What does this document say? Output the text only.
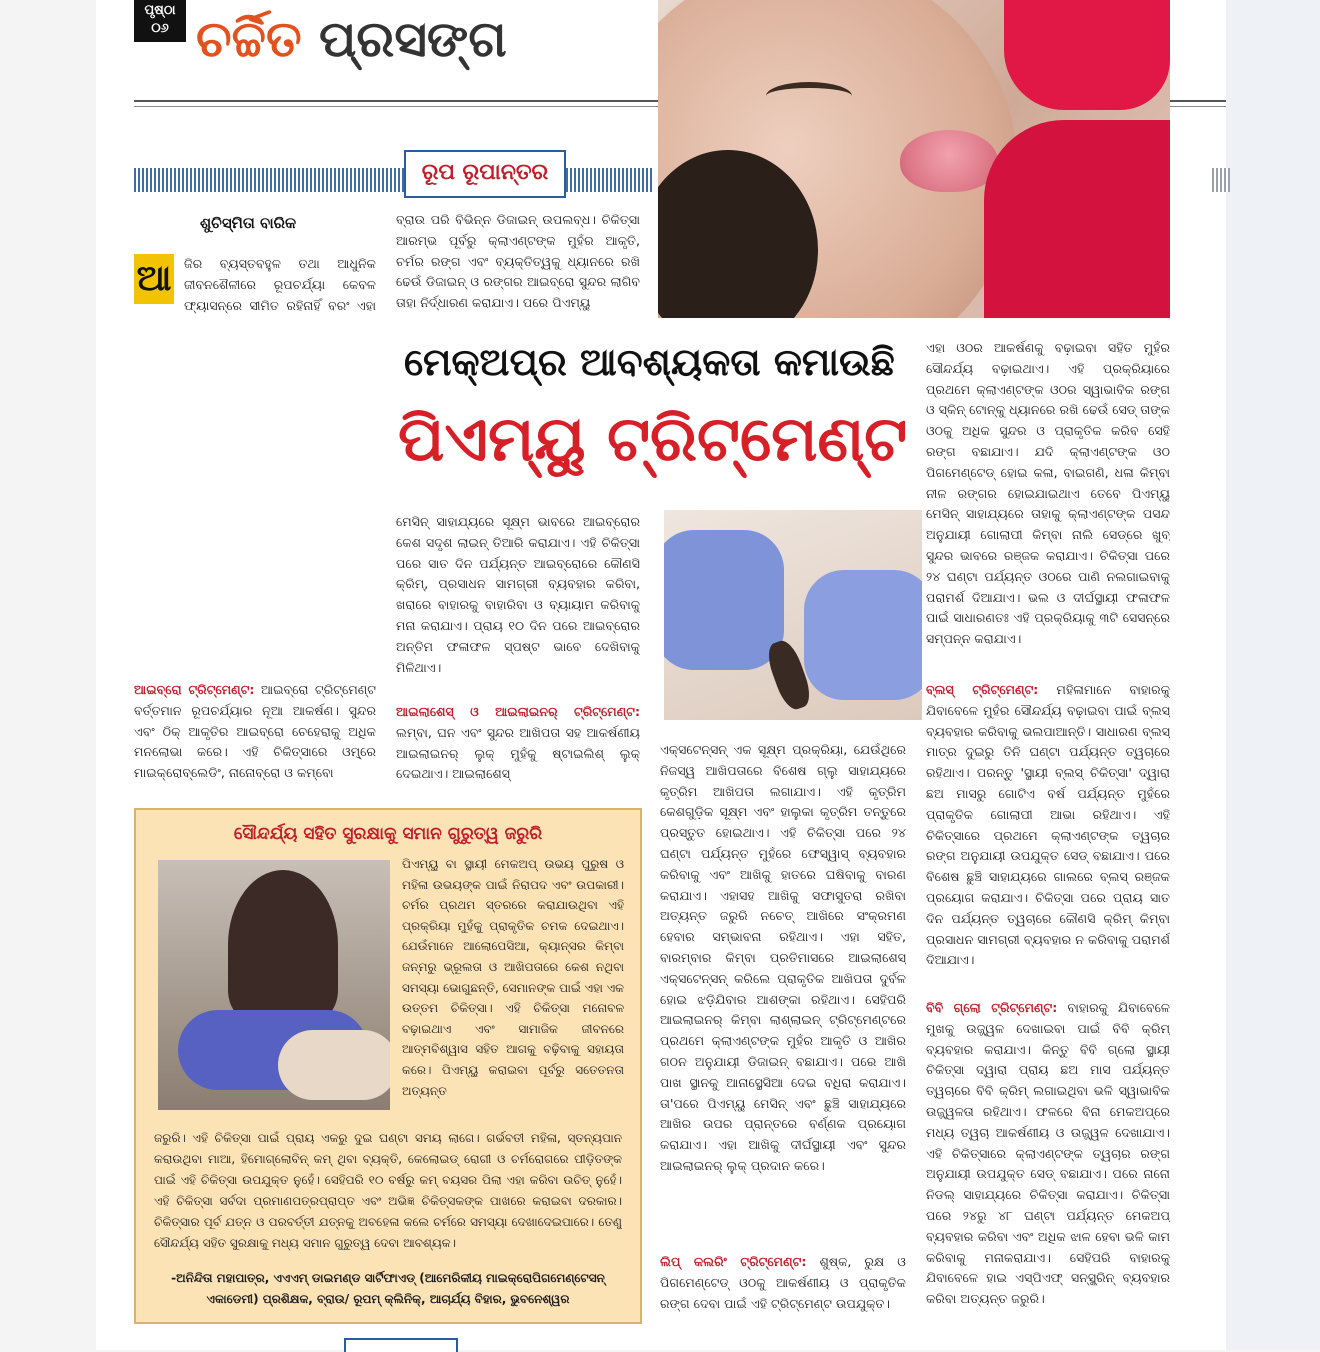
ପୃଷ୍ଠା
୦୬ ଚର୍ଚ୍ଚିତ ପ୍ରସଙ୍ଗ
ରୂପ ରୂପାନ୍ତର
ଶୁଚିସ୍ମିତା ବାରିକ
ଆ ଜିର ବ୍ୟସ୍ତବହୁଳ ତଥା ଆଧୁନିକ ଜୀବନଶୈଳୀରେ ରୂପଚର୍ଯ୍ୟା କେବଳ ଫ୍ୟାସନ୍‌ରେ ସୀମିତ ରହିନାହିଁ ବରଂ ଏହା

ଆଇବ୍ରୋ ଟ୍ରିଟ୍‌ମେଣ୍ଟ: ଆଇବ୍ରୋ ଟ୍ରିଟ୍‌ମେଣ୍ଟ ବର୍ତ୍ତମାନ ରୂପଚର୍ଯ୍ୟାର ନୂଆ ଆକର୍ଷଣ। ସୁନ୍ଦର ଏବଂ ଠିକ୍ ଆକୃତିର ଆଇବ୍ରୋ ଚେହେରାକୁ ଅଧିକ ମନଲୋଭା କରେ। ଏହି ଚିକିତ୍ସାରେ ଓମ୍ବ୍ରେ ମାଇକ୍ରୋବ୍ଲେଡିଂ, ନାନୋବ୍ରୋ ଓ କମ୍ବୋ

ବ୍ରାଉ ପରି ବିଭିନ୍ନ ଡିଜାଇନ୍ ଉପଲବ୍ଧ। ଚିକିତ୍ସା ଆରମ୍ଭ ପୂର୍ବରୁ କ୍ଲାଏଣ୍ଟଙ୍କ ମୁହଁର ଆକୃତି, ଚର୍ମର ରଙ୍ଗ ଏବଂ ବ୍ୟକ୍ତିତ୍ୱକୁ ଧ୍ୟାନରେ ରଖି ଢେଉଁ ଡିଜାଇନ୍ ଓ ରଙ୍ଗର ଆଇବ୍ରୋ ସୁନ୍ଦର ଲାଗିବ ତାହା ନିର୍ଦ୍ଧାରଣ କରାଯାଏ। ପରେ ପିଏମ୍‌ୟୁ

ମେକ୍‌ଅପ୍‌ର ଆବଶ୍ୟକତା କମାଉଛି
ପିଏମ୍‌ୟୁ ଟ୍ରିଟ୍‌ମେଣ୍ଟ

ମେସିନ୍ ସାହାଯ୍ୟରେ ସୂକ୍ଷ୍ମ ଭାବରେ ଆଇବ୍ରୋର କେଶ ସଦୃଶ ଲାଇନ୍ ତିଆରି କରାଯାଏ। ଏହି ଚିକିତ୍ସା ପରେ ସାତ ଦିନ ପର୍ଯ୍ୟନ୍ତ ଆଇବ୍ରୋରେ କୌଣସି କ୍ରିମ୍, ପ୍ରସାଧନ ସାମଗ୍ରୀ ବ୍ୟବହାର କରିବା, ଖରାରେ ବାହାରକୁ ବାହାରିବା ଓ ବ୍ୟାୟାମ କରିବାକୁ ମନା କରାଯାଏ। ପ୍ରାୟ ୧୦ ଦିନ ପରେ ଆଇବ୍ରୋର ଅନ୍ତିମ ଫଳାଫଳ ସ୍ପଷ୍ଟ ଭାବେ ଦେଖିବାକୁ ମିଳିଥାଏ।

ଆଇଲାଶେସ୍ ଓ ଆଇଲାଇନର୍ ଟ୍ରିଟ୍‌ମେଣ୍ଟ: ଲମ୍ବା, ଘନ ଏବଂ ସୁନ୍ଦର ଆଖିପତା ସହ ଆକର୍ଷଣୀୟ ଆଇଲାଇନର୍ ଲୁକ୍ ମୁହଁକୁ ଷ୍ଟାଇଲିଶ୍ ଲୁକ୍ ଦେଇଥାଏ। ଆଇଲାଶେସ୍

ଏକ୍ସଟେନ୍‌ସନ୍ ଏକ ସୂକ୍ଷ୍ମ ପ୍ରକ୍ରିୟା, ଯେଉଁଥିରେ ନିଜସ୍ୱ ଆଖିପତାରେ ବିଶେଷ ଗ୍ଲୁ ସାହାଯ୍ୟରେ କୃତ୍ରିମ ଆଖିପତା ଲଗାଯାଏ। ଏହି କୃତ୍ରିମ କେଶଗୁଡ଼ିକ ସୂକ୍ଷ୍ମ ଏବଂ ହାଲୁକା କୃତ୍ରିମ ତନ୍ତୁରେ ପ୍ରସ୍ତୁତ ହୋଇଥାଏ। ଏହି ଚିକିତ୍ସା ପରେ ୨୪ ଘଣ୍ଟା ପର୍ଯ୍ୟନ୍ତ ମୁହଁରେ ଫେସ୍‌ୱାସ୍ ବ୍ୟବହାର କରିବାକୁ ଏବଂ ଆଖିକୁ ହାତରେ ଘଷିବାକୁ ବାରଣ କରାଯାଏ। ଏହାସହ ଆଖିକୁ ସଫାସୁତରା ରଖିବା ଅତ୍ୟନ୍ତ ଜରୁରି ନଚେତ୍ ଆଖିରେ ସଂକ୍ରମଣ ହେବାର ସମ୍ଭାବନା ରହିଥାଏ। ଏହା ସହିତ, ବାରମ୍ବାର କିମ୍ବା ପ୍ରତିମାସରେ ଆଇଲାଶେସ୍ ଏକ୍ସଟେନ୍‌ସନ୍ କରିଲେ ପ୍ରାକୃତିକ ଆଖିପତା ଦୁର୍ବଳ ହୋଇ ଝଡ଼ିଯିବାର ଆଶଙ୍କା ରହିଥାଏ। ସେହିପରି ଆଇଲାଇନର୍ କିମ୍ବା ଲାଶ୍‌ଲାଇନ୍ ଟ୍ରିଟ୍‌ମେଣ୍ଟରେ ପ୍ରଥମେ କ୍ଲାଏଣ୍ଟଙ୍କ ମୁହଁର ଆକୃତି ଓ ଆଖିର ଗଠନ ଅନୁଯାୟୀ ଡିଜାଇନ୍ ବଛାଯାଏ। ପରେ ଆଖି ପାଖ ସ୍ଥାନକୁ ଆନାସ୍ଥେସିଆ ଦେଇ ବଧିରା କରାଯାଏ। ତା'ପରେ ପିଏମ୍‌ୟୁ ମେସିନ୍ ଏବଂ ଛୁଞ୍ଚି ସାହାଯ୍ୟରେ ଆଖିର ଉପର ପ୍ରାନ୍ତରେ ବର୍ଣ୍ଣକ ପ୍ରୟୋଗ କରାଯାଏ। ଏହା ଆଖିକୁ ଦୀର୍ଘସ୍ଥାୟୀ ଏବଂ ସୁନ୍ଦର ଆଇଲାଇନର୍ ଲୁକ୍ ପ୍ରଦାନ କରେ।

ଲିପ୍ କଲରିଂ ଟ୍ରିଟ୍‌ମେଣ୍ଟ: ଶୁଷ୍କ, ରୁକ୍ଷ ଓ ପିଗମେଣ୍ଟେଡ୍ ଓଠକୁ ଆକର୍ଷଣୀୟ ଓ ପ୍ରାକୃତିକ ରଙ୍ଗ ଦେବା ପାଇଁ ଏହି ଟ୍ରିଟ୍‌ମେଣ୍ଟ ଉପଯୁକ୍ତ।

ଏହା ଓଠର ଆକର୍ଷଣକୁ ବଢ଼ାଇବା ସହିତ ମୁହଁର ସୌନ୍ଦର୍ଯ୍ୟ ବଢ଼ାଇଥାଏ। ଏହି ପ୍ରକ୍ରିୟାରେ ପ୍ରଥମେ କ୍ଲାଏଣ୍ଟଙ୍କ ଓଠର ସ୍ୱାଭାବିକ ରଙ୍ଗ ଓ ସ୍କିନ୍ ଟୋନ୍‌କୁ ଧ୍ୟାନରେ ରଖି ଢେଉଁ ସେଡ୍ ତାଙ୍କ ଓଠକୁ ଅଧିକ ସୁନ୍ଦର ଓ ପ୍ରାକୃତିକ କରିବ ସେହି ରଙ୍ଗ ବଛାଯାଏ। ଯଦି କ୍ଲାଏଣ୍ଟଙ୍କ ଓଠ ପିଗମେଣ୍ଟେଡ୍ ହୋଇ କଳା, ବାଇଗଣି, ଧଳା କିମ୍ବା ନୀଳ ରଙ୍ଗର ହୋଇଯାଇଥାଏ ତେବେ ପିଏମ୍‌ୟୁ ମେସିନ୍ ସାହାଯ୍ୟରେ ତାହାକୁ କ୍ଲାଏଣ୍ଟଙ୍କ ପସନ୍ଦ ଅନୁଯାୟୀ ଗୋଲାପୀ କିମ୍ବା ନାଲି ସେଡ୍‌ରେ ଖୁବ୍ ସୁନ୍ଦର ଭାବରେ ରଞ୍ଜକ କରାଯାଏ। ଚିକିତ୍ସା ପରେ ୨୪ ଘଣ୍ଟା ପର୍ଯ୍ୟନ୍ତ ଓଠରେ ପାଣି ନଲଗାଇବାକୁ ପରାମର୍ଶ ଦିଆଯାଏ। ଭଲ ଓ ଦୀର୍ଘସ୍ଥାୟୀ ଫଳାଫଳ ପାଇଁ ସାଧାରଣତଃ ଏହି ପ୍ରକ୍ରିୟାକୁ ୩ଟି ସେସନ୍‌ରେ ସମ୍ପନ୍ନ କରାଯାଏ।

ବ୍ଲସ୍ ଟ୍ରିଟ୍‌ମେଣ୍ଟ: ମହିଳାମାନେ ବାହାରକୁ ଯିବାବେଳେ ମୁହଁର ସୌନ୍ଦର୍ଯ୍ୟ ବଢ଼ାଇବା ପାଇଁ ବ୍ଲସ୍ ବ୍ୟବହାର କରିବାକୁ ଭଲପାଆନ୍ତି। ସାଧାରଣ ବ୍ଲସ୍ ମାତ୍ର ଦୁଇରୁ ତିନି ଘଣ୍ଟା ପର୍ଯ୍ୟନ୍ତ ତ୍ୱଚାରେ ରହିଥାଏ। ପରନ୍ତୁ 'ସ୍ଥାୟୀ ବ୍ଲସ୍ ଚିକିତ୍ସା' ଦ୍ୱାରା ଛଅ ମାସରୁ ଗୋଟିଏ ବର୍ଷ ପର୍ଯ୍ୟନ୍ତ ମୁହଁରେ ପ୍ରାକୃତିକ ଗୋଲାପୀ ଆଭା ରହିଥାଏ। ଏହି ଚିକିତ୍ସାରେ ପ୍ରଥମେ କ୍ଲାଏଣ୍ଟଙ୍କ ତ୍ୱଚାର ରଙ୍ଗ ଅନୁଯାୟୀ ଉପଯୁକ୍ତ ସେଡ୍ ବଛାଯାଏ। ପରେ ବିଶେଷ ଛୁଞ୍ଚି ସାହାଯ୍ୟରେ ଗାଲରେ ବ୍ଲସ୍ ରଞ୍ଜକ ପ୍ରୟୋଗ କରାଯାଏ। ଚିକିତ୍ସା ପରେ ପ୍ରାୟ ସାତ ଦିନ ପର୍ଯ୍ୟନ୍ତ ତ୍ୱଚାରେ କୌଣସି କ୍ରିମ୍ କିମ୍ବା ପ୍ରସାଧନ ସାମଗ୍ରୀ ବ୍ୟବହାର ନ କରିବାକୁ ପରାମର୍ଶ ଦିଆଯାଏ।

ବିବି ଗ୍ଲୋ ଟ୍ରିଟ୍‌ମେଣ୍ଟ: ବାହାରକୁ ଯିବାବେଳେ ମୁଖକୁ ଉଜ୍ଜ୍ୱଳ ଦେଖାଇବା ପାଇଁ ବିବି କ୍ରିମ୍ ବ୍ୟବହାର କରାଯାଏ। କିନ୍ତୁ ବିବି ଗ୍ଲୋ ସ୍ଥାୟୀ ଚିକିତ୍ସା ଦ୍ୱାରା ପ୍ରାୟ ଛଅ ମାସ ପର୍ଯ୍ୟନ୍ତ ତ୍ୱଚାରେ ବିବି କ୍ରିମ୍ ଲଗାଇଥିବା ଭଳି ସ୍ୱାଭାବିକ ଉଜ୍ଜ୍ୱଳତା ରହିଥାଏ। ଫଳରେ ବିନା ମେକଅପ୍‌ରେ ମଧ୍ୟ ତ୍ୱଚା ଆକର୍ଷଣୀୟ ଓ ଉଜ୍ଜ୍ୱଳ ଦେଖାଯାଏ। ଏହି ଚିକିତ୍ସାରେ କ୍ଲାଏଣ୍ଟଙ୍କ ତ୍ୱଚାର ରଙ୍ଗ ଅନୁଯାୟୀ ଉପଯୁକ୍ତ ସେଡ୍ ବଛାଯାଏ। ପରେ ନାନୋ ନିଡଲ୍ ସାହାଯ୍ୟରେ ଚିକିତ୍ସା କରାଯାଏ। ଚିକିତ୍ସା ପରେ ୨୪ରୁ ୪୮ ଘଣ୍ଟା ପର୍ଯ୍ୟନ୍ତ ମେକଅପ୍ ବ୍ୟବହାର କରିବା ଏବଂ ଅଧିକ ଝାଳ ହେବା ଭଳି କାମ କରିବାକୁ ମନାକରାଯାଏ। ସେହିପରି ବାହାରକୁ ଯିବାବେଳେ ହାଇ ଏସ୍‌ପିଏଫ୍ ସନ୍‌ସ୍କ୍ରିନ୍ ବ୍ୟବହାର କରିବା ଅତ୍ୟନ୍ତ ଜରୁରି।

ସୌନ୍ଦର୍ଯ୍ୟ ସହିତ ସୁରକ୍ଷାକୁ ସମାନ ଗୁରୁତ୍ୱ ଜରୁରି

ପିଏମ୍‌ୟୁ ବା ସ୍ଥାୟୀ ମେକଅପ୍ ଉଭୟ ପୁରୁଷ ଓ ମହିଳା ଉଭୟଙ୍କ ପାଇଁ ନିରାପଦ ଏବଂ ଉପକାରୀ। ଚର୍ମର ପ୍ରଥମ ସ୍ତରରେ କରାଯାଉଥିବା ଏହି ପ୍ରକ୍ରିୟା ମୁହଁକୁ ପ୍ରାକୃତିକ ଚମକ ଦେଇଥାଏ। ଯେଉଁମାନେ ଆଲୋପେସିଆ, କ୍ୟାନ୍‌ସର କିମ୍ବା ଜନ୍ମରୁ ଭ୍ରୂଲତା ଓ ଆଖିପତାରେ କେଶ ନଥିବା ସମସ୍ୟା ଭୋଗୁଛନ୍ତି, ସେମାନଙ୍କ ପାଇଁ ଏହା ଏକ ଉତ୍ତମ ଚିକିତ୍ସା। ଏହି ଚିକିତ୍ସା ମନୋବଳ ବଢ଼ାଇଥାଏ ଏବଂ ସାମାଜିକ ଜୀବନରେ ଆତ୍ମବିଶ୍ୱାସ ସହିତ ଆଗକୁ ବଢ଼ିବାକୁ ସହାୟତା କରେ। ପିଏମ୍‌ୟୁ କରାଇବା ପୂର୍ବରୁ ସତେତନତା ଅତ୍ୟନ୍ତ

ଜରୁରି। ଏହି ଚିକିତ୍ସା ପାଇଁ ପ୍ରାୟ ଏକରୁ ଦୁଇ ଘଣ୍ଟା ସମୟ ଲାଗେ। ଗର୍ଭବତୀ ମହିଳା, ସ୍ତନ୍ୟପାନ କରାଉଥିବା ମାଆ, ହିମୋଗ୍ଲୋବିନ୍ କମ୍ ଥିବା ବ୍ୟକ୍ତି, କେଲୋଇଡ୍ ରୋଗୀ ଓ ଚର୍ମରୋଗରେ ପୀଡ଼ିତଙ୍କ ପାଇଁ ଏହି ଚିକିତ୍ସା ଉପଯୁକ୍ତ ନୁହେଁ। ସେହିପରି ୧୦ ବର୍ଷରୁ କମ୍ ବୟସର ପିଲା ଏହା କରିବା ଉଚିତ୍ ନୁହେଁ। ଏହି ଚିକିତ୍ସା ସର୍ବଦା ପ୍ରମାଣପତ୍ରପ୍ରାପ୍ତ ଏବଂ ଅଭିଜ୍ଞ ଚିକିତ୍ସକଙ୍କ ପାଖରେ କରାଇବା ଦରକାର। ଚିକିତ୍ସାର ପୂର୍ବ ଯତ୍ନ ଓ ପରବର୍ତ୍ତୀ ଯତ୍ନକୁ ଅବହେଳା କଲେ ଚର୍ମରେ ସମସ୍ୟା ଦେଖାଦେଇପାରେ। ତେଣୁ ସୌନ୍ଦର୍ଯ୍ୟ ସହିତ ସୁରକ୍ଷାକୁ ମଧ୍ୟ ସମାନ ଗୁରୁତ୍ୱ ଦେବା ଆବଶ୍ୟକ।

-ଅନିନ୍ଦିତା ମହାପାତ୍ର, ଏଏଏମ୍ ଡାଇମଣ୍ଡ ସାର୍ଟିଫାଏଡ୍ (ଆମେରିକୀୟ ମାଇକ୍ରୋପିଗମେଣ୍ଟେସନ୍ ଏକାଡେମୀ) ପ୍ରଶିକ୍ଷକ, ବ୍ରାଉ/ ରୂପମ୍ କ୍ଲିନିକ୍, ଆଚାର୍ଯ୍ୟ ବିହାର, ଭୁବନେଶ୍ୱର
